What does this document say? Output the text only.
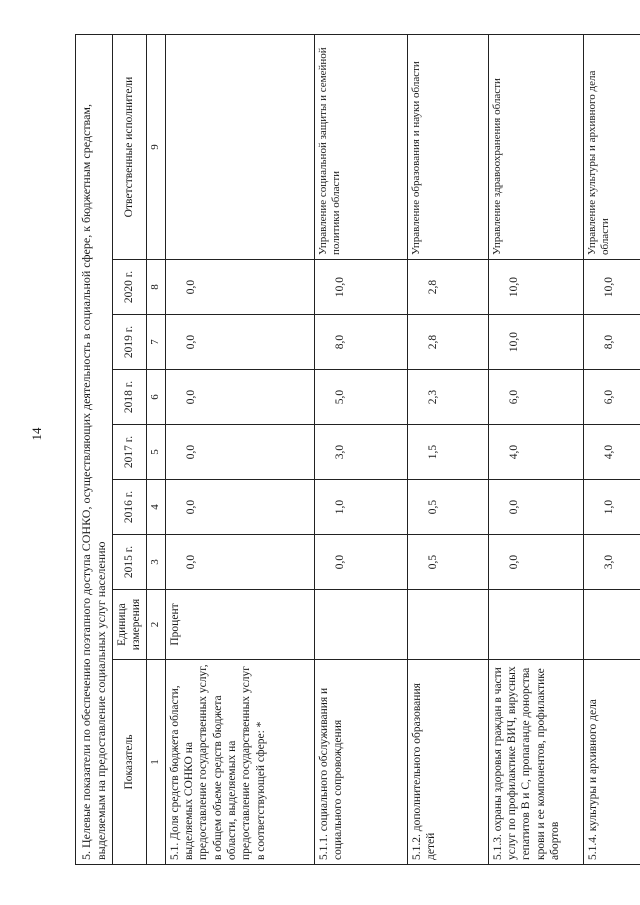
14	5. Целевые показатели по обеспечению поэтапного доступа СОНКО, осуществляющих деятельность в социальной сфере, к бюджетным средствам, выделяемым на предоставление социальных услуг населению								
Показатель	Единица измерения	2015 г.	2016 г.	2017 г.	2018 г.	2019 г.	2020 г.	Ответственные исполнители
1	2	3	4	5	6	7	8	9
5.1. Доля средств бюджета области, выделяемых СОНКО на предоставление государственных услуг, в общем объеме средств бюджета области, выделяемых на предоставление государственных услуг в соответствующей сфере: *	Процент	0,0	0,0	0,0	0,0	0,0	0,0	
5.1.1. социального обслуживания и социального сопровождения		0,0	1,0	3,0	5,0	8,0	10,0	Управление социальной защиты и семейной политики области
5.1.2. дополнительного образования детей		0,5	0,5	1,5	2,3	2,8	2,8	Управление образования и науки области
5.1.3. охраны здоровья граждан в части услуг по профилактике ВИЧ, вирусных гепатитов В и С, пропаганде донорства крови и ее компонентов, профилактике абортов		0,0	0,0	4,0	6,0	10,0	10,0	Управление здравоохранения области
5.1.4. культуры и архивного дела		3,0	1,0	4,0	6,0	8,0	10,0	Управление культуры и архивного дела области
